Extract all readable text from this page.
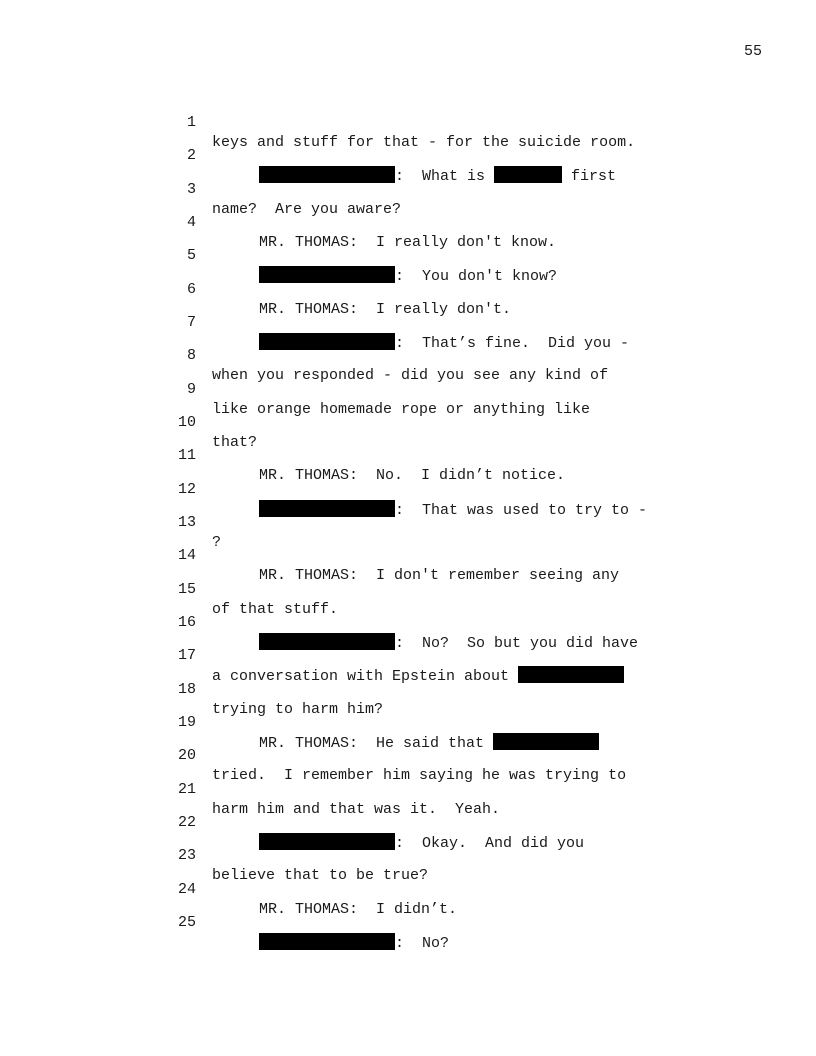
55

1

keys and stuff for that - for the suicide room.

2

:  What is	first

3

name?  Are you aware?

4

MR. THOMAS:  I really don't know.

5

:  You don't know?

6

MR. THOMAS:  I really don't.

7

:  That’s fine.  Did you -

8

when you responded - did you see any kind of

9

like orange homemade rope or anything like

10

that?

11

MR. THOMAS:  No.  I didn’t notice.

12

:  That was used to try to -

13

?

14

MR. THOMAS:  I don't remember seeing any

15

of that stuff.

16

:  No?  So but you did have

17

a conversation with Epstein about

18

trying to harm him?

19

MR. THOMAS:  He said that

20

tried.  I remember him saying he was trying to

21

harm him and that was it.  Yeah.

22

:  Okay.  And did you

23

believe that to be true?

24

MR. THOMAS:  I didn’t.

25

:  No?
